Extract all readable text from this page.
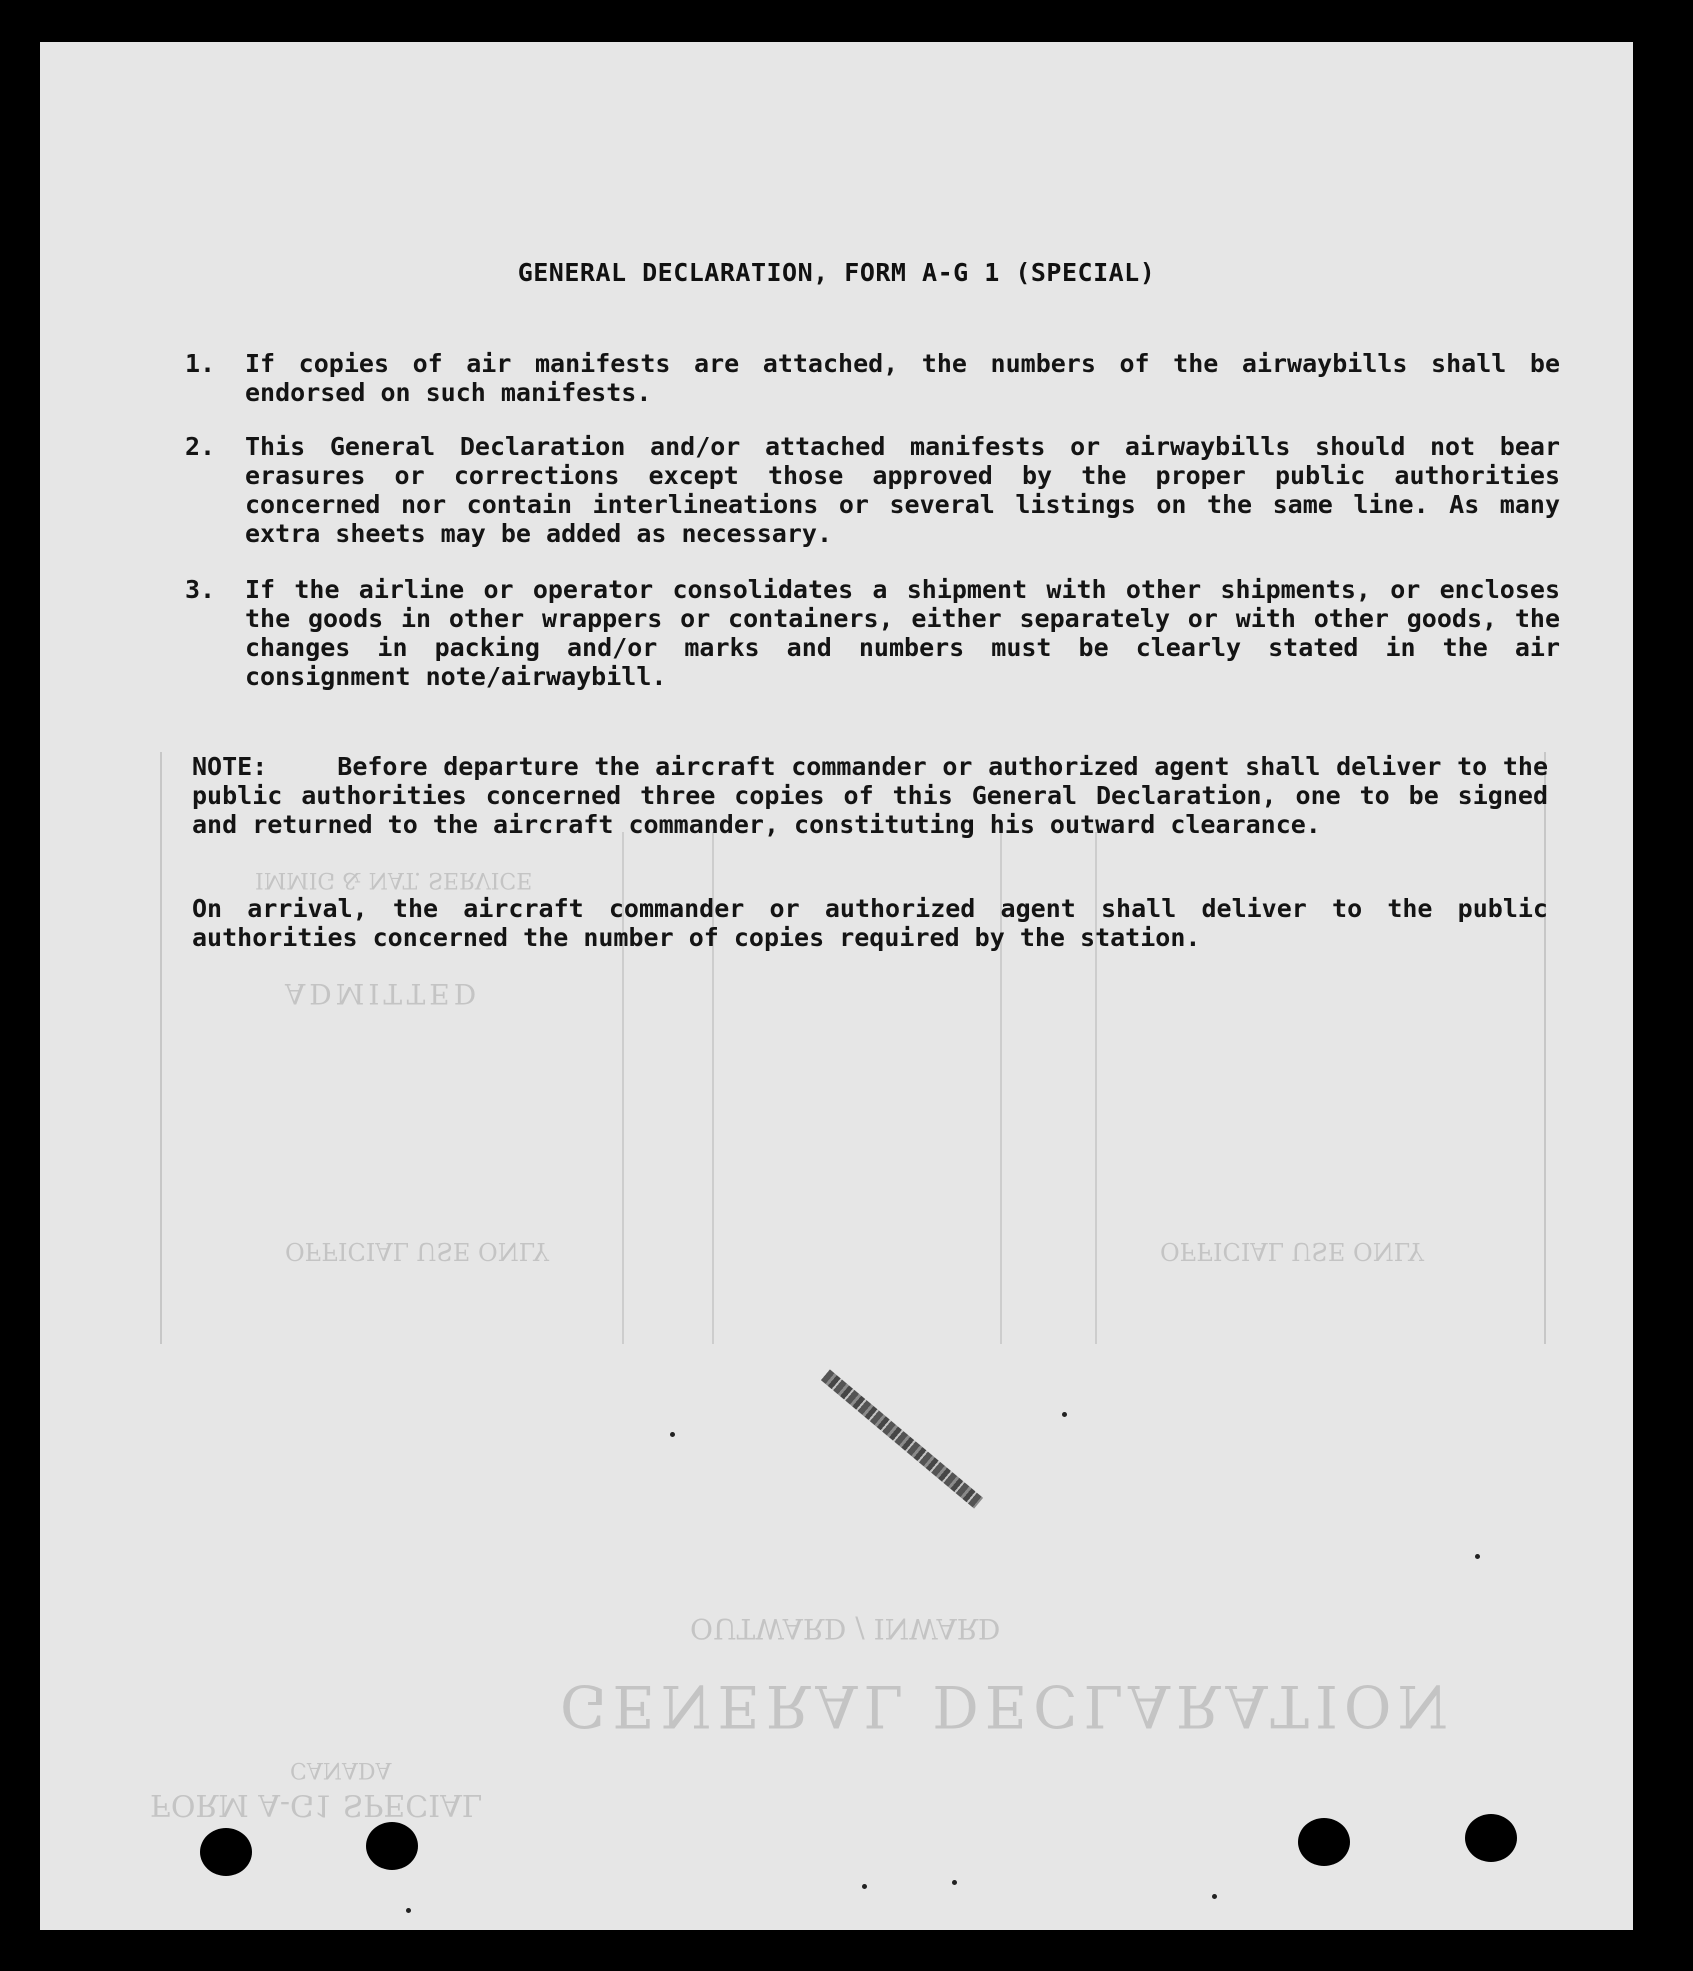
ADMITTED
IMMIG & NAT. SERVICE
GENERAL DECLARATION
OUTWARD / INWARD
OFFICIAL USE ONLY	OFFICIAL USE ONLY
FORM A-G1 SPECIAL
CANADA
GENERAL DECLARATION, FORM A-G 1 (SPECIAL)
1. If copies of air manifests are attached, the numbers of the airwaybills shall be endorsed on such manifests.
2. This General Declaration and/or attached manifests or airwaybills should not bear erasures or corrections except those approved by the proper public authorities concerned nor contain interlineations or several listings on the same line. As many extra sheets may be added as necessary.
3. If the airline or operator consolidates a shipment with other shipments, or encloses the goods in other wrappers or containers, either separately or with other goods, the changes in packing and/or marks and numbers must be clearly stated in the air consignment note/airwaybill.
NOTE:	Before departure the aircraft commander or authorized agent shall deliver to the public authorities concerned three copies of this General Declaration, one to be signed and returned to the aircraft commander, constituting his outward clearance.
On arrival, the aircraft commander or authorized agent shall deliver to the public authorities concerned the number of copies required by the station.
